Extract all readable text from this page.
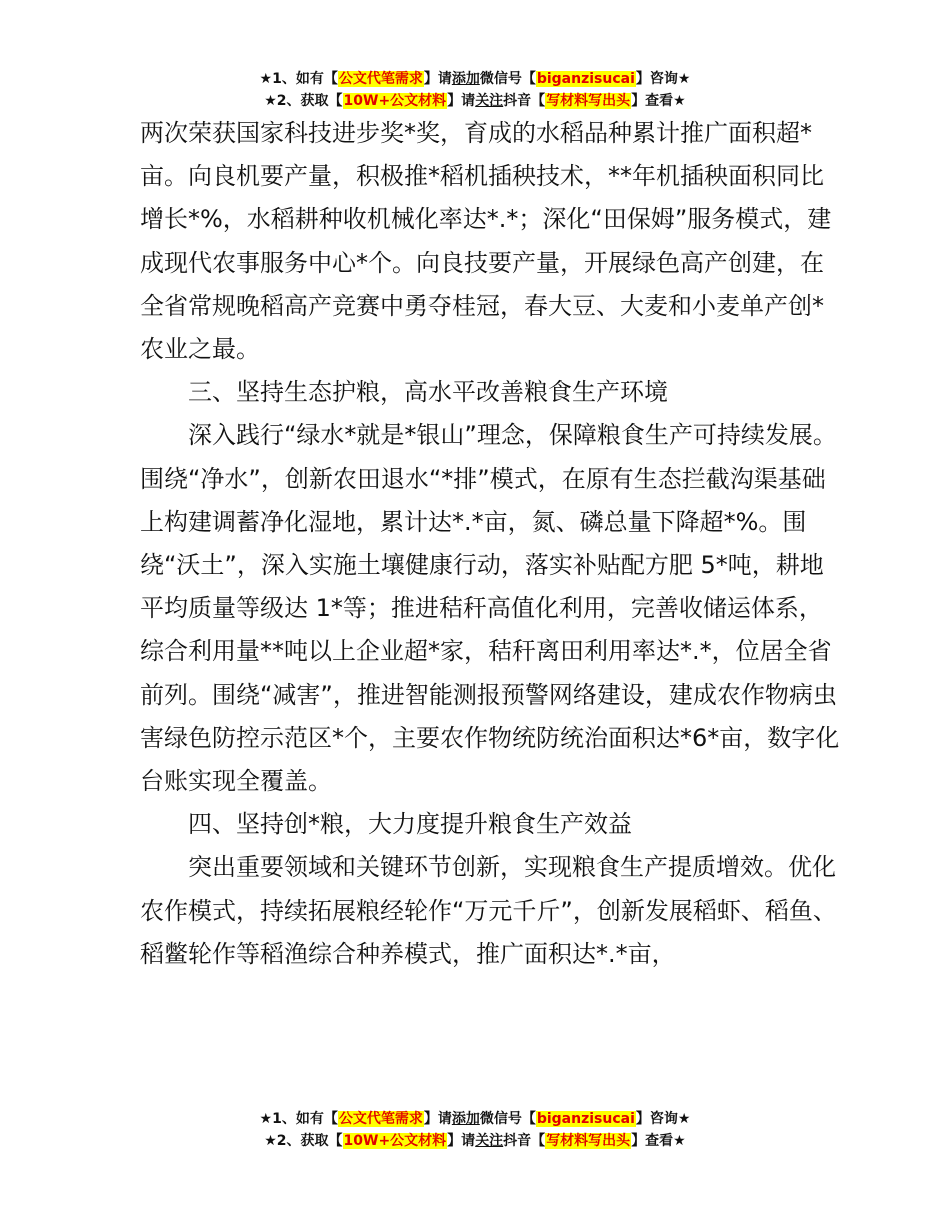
★1、如有【公文代笔需求】请添加微信号【biganzisucai】咨询★
★2、获取【10W+公文材料】请关注抖音【写材料写出头】查看★

两次荣获国家科技进步奖*奖，育成的水稻品种累计推广面积超*亩。向良机要产量，积极推*稻机插秧技术，**年机插秧面积同比增长*%，水稻耕种收机械化率达*.*；深化“田保姆”服务模式，建成现代农事服务中心*个。向良技要产量，开展绿色高产创建，在全省常规晚稻高产竞赛中勇夺桂冠，春大豆、大麦和小麦单产创*农业之最。

三、坚持生态护粮，高水平改善粮食生产环境

深入践行“绿水*就是*银山”理念，保障粮食生产可持续发展。围绕“净水”，创新农田退水“*排”模式，在原有生态拦截沟渠基础上构建调蓄净化湿地，累计达*.*亩，氮、磷总量下降超*%。围绕“沃土”，深入实施土壤健康行动，落实补贴配方肥 5*吨，耕地平均质量等级达 1*等；推进秸秆高值化利用，完善收储运体系，综合利用量**吨以上企业超*家，秸秆离田利用率达*.*，位居全省前列。围绕“减害”，推进智能测报预警网络建设，建成农作物病虫害绿色防控示范区*个，主要农作物统防统治面积达*6*亩，数字化台账实现全覆盖。

四、坚持创*粮，大力度提升粮食生产效益

突出重要领域和关键环节创新，实现粮食生产提质增效。优化农作模式，持续拓展粮经轮作“万元千斤”，创新发展稻虾、稻鱼、稻鳖轮作等稻渔综合种养模式，推广面积达*.*亩，

★1、如有【公文代笔需求】请添加微信号【biganzisucai】咨询★
★2、获取【10W+公文材料】请关注抖音【写材料写出头】查看★
